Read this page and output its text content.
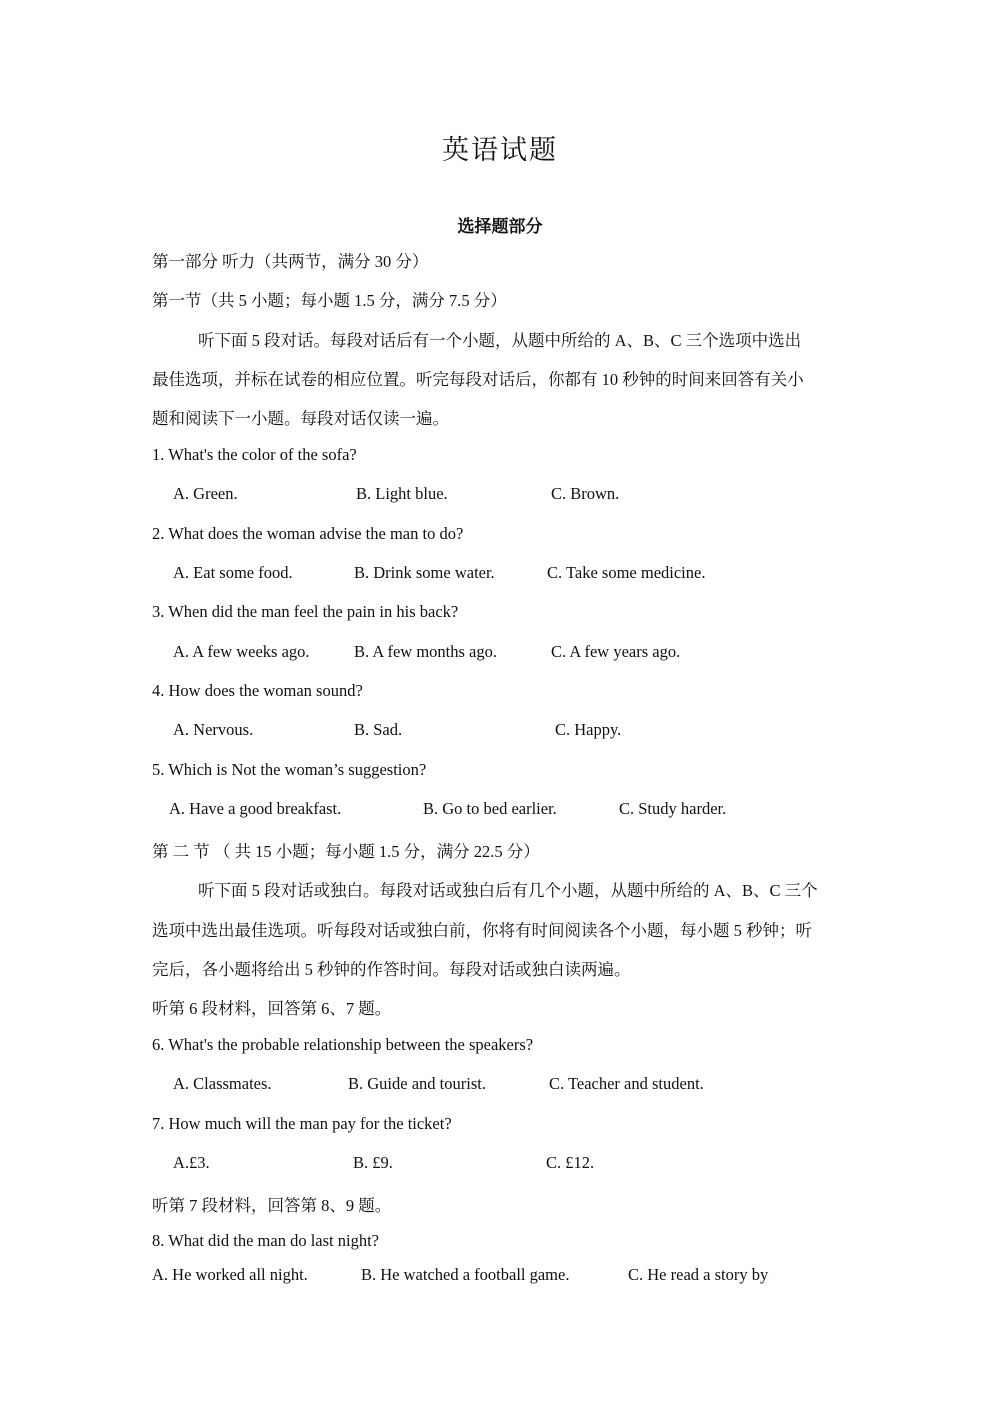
英语试题
选择题部分
第一部分 听力（共两节，满分 30 分）
第一节（共 5 小题；每小题 1.5 分，满分 7.5 分）
听下面 5 段对话。每段对话后有一个小题，从题中所给的 A、B、C 三个选项中选出
最佳选项，并标在试卷的相应位置。听完每段对话后，你都有 10 秒钟的时间来回答有关小
题和阅读下一小题。每段对话仅读一遍。
1. What's the color of the sofa?
A. Green.	B. Light blue.	C. Brown.
2. What does the woman advise the man to do?
A. Eat some food.	B. Drink some water.	C. Take some medicine.
3. When did the man feel the pain in his back?
A. A few weeks ago.	B. A few months ago.	C. A few years ago.
4. How does the woman sound?
A. Nervous.	B. Sad.	C. Happy.
5. Which is Not the woman’s suggestion?
A. Have a good breakfast.	B. Go to bed earlier.	C. Study harder.
第 二 节 （ 共 15 小题；每小题 1.5 分，满分 22.5 分）
听下面 5 段对话或独白。每段对话或独白后有几个小题，从题中所给的 A、B、C 三个
选项中选出最佳选项。听每段对话或独白前，你将有时间阅读各个小题，每小题 5 秒钟；听
完后，各小题将给出 5 秒钟的作答时间。每段对话或独白读两遍。
听第 6 段材料，回答第 6、7 题。
6. What's the probable relationship between the speakers?
A. Classmates.	B. Guide and tourist.	C. Teacher and student.
7. How much will the man pay for the ticket?
A.£3.	B. £9.	C. £12.
听第 7 段材料，回答第 8、9 题。
8. What did the man do last night?
A. He worked all night.	B. He watched a football game.	C. He read a story by
